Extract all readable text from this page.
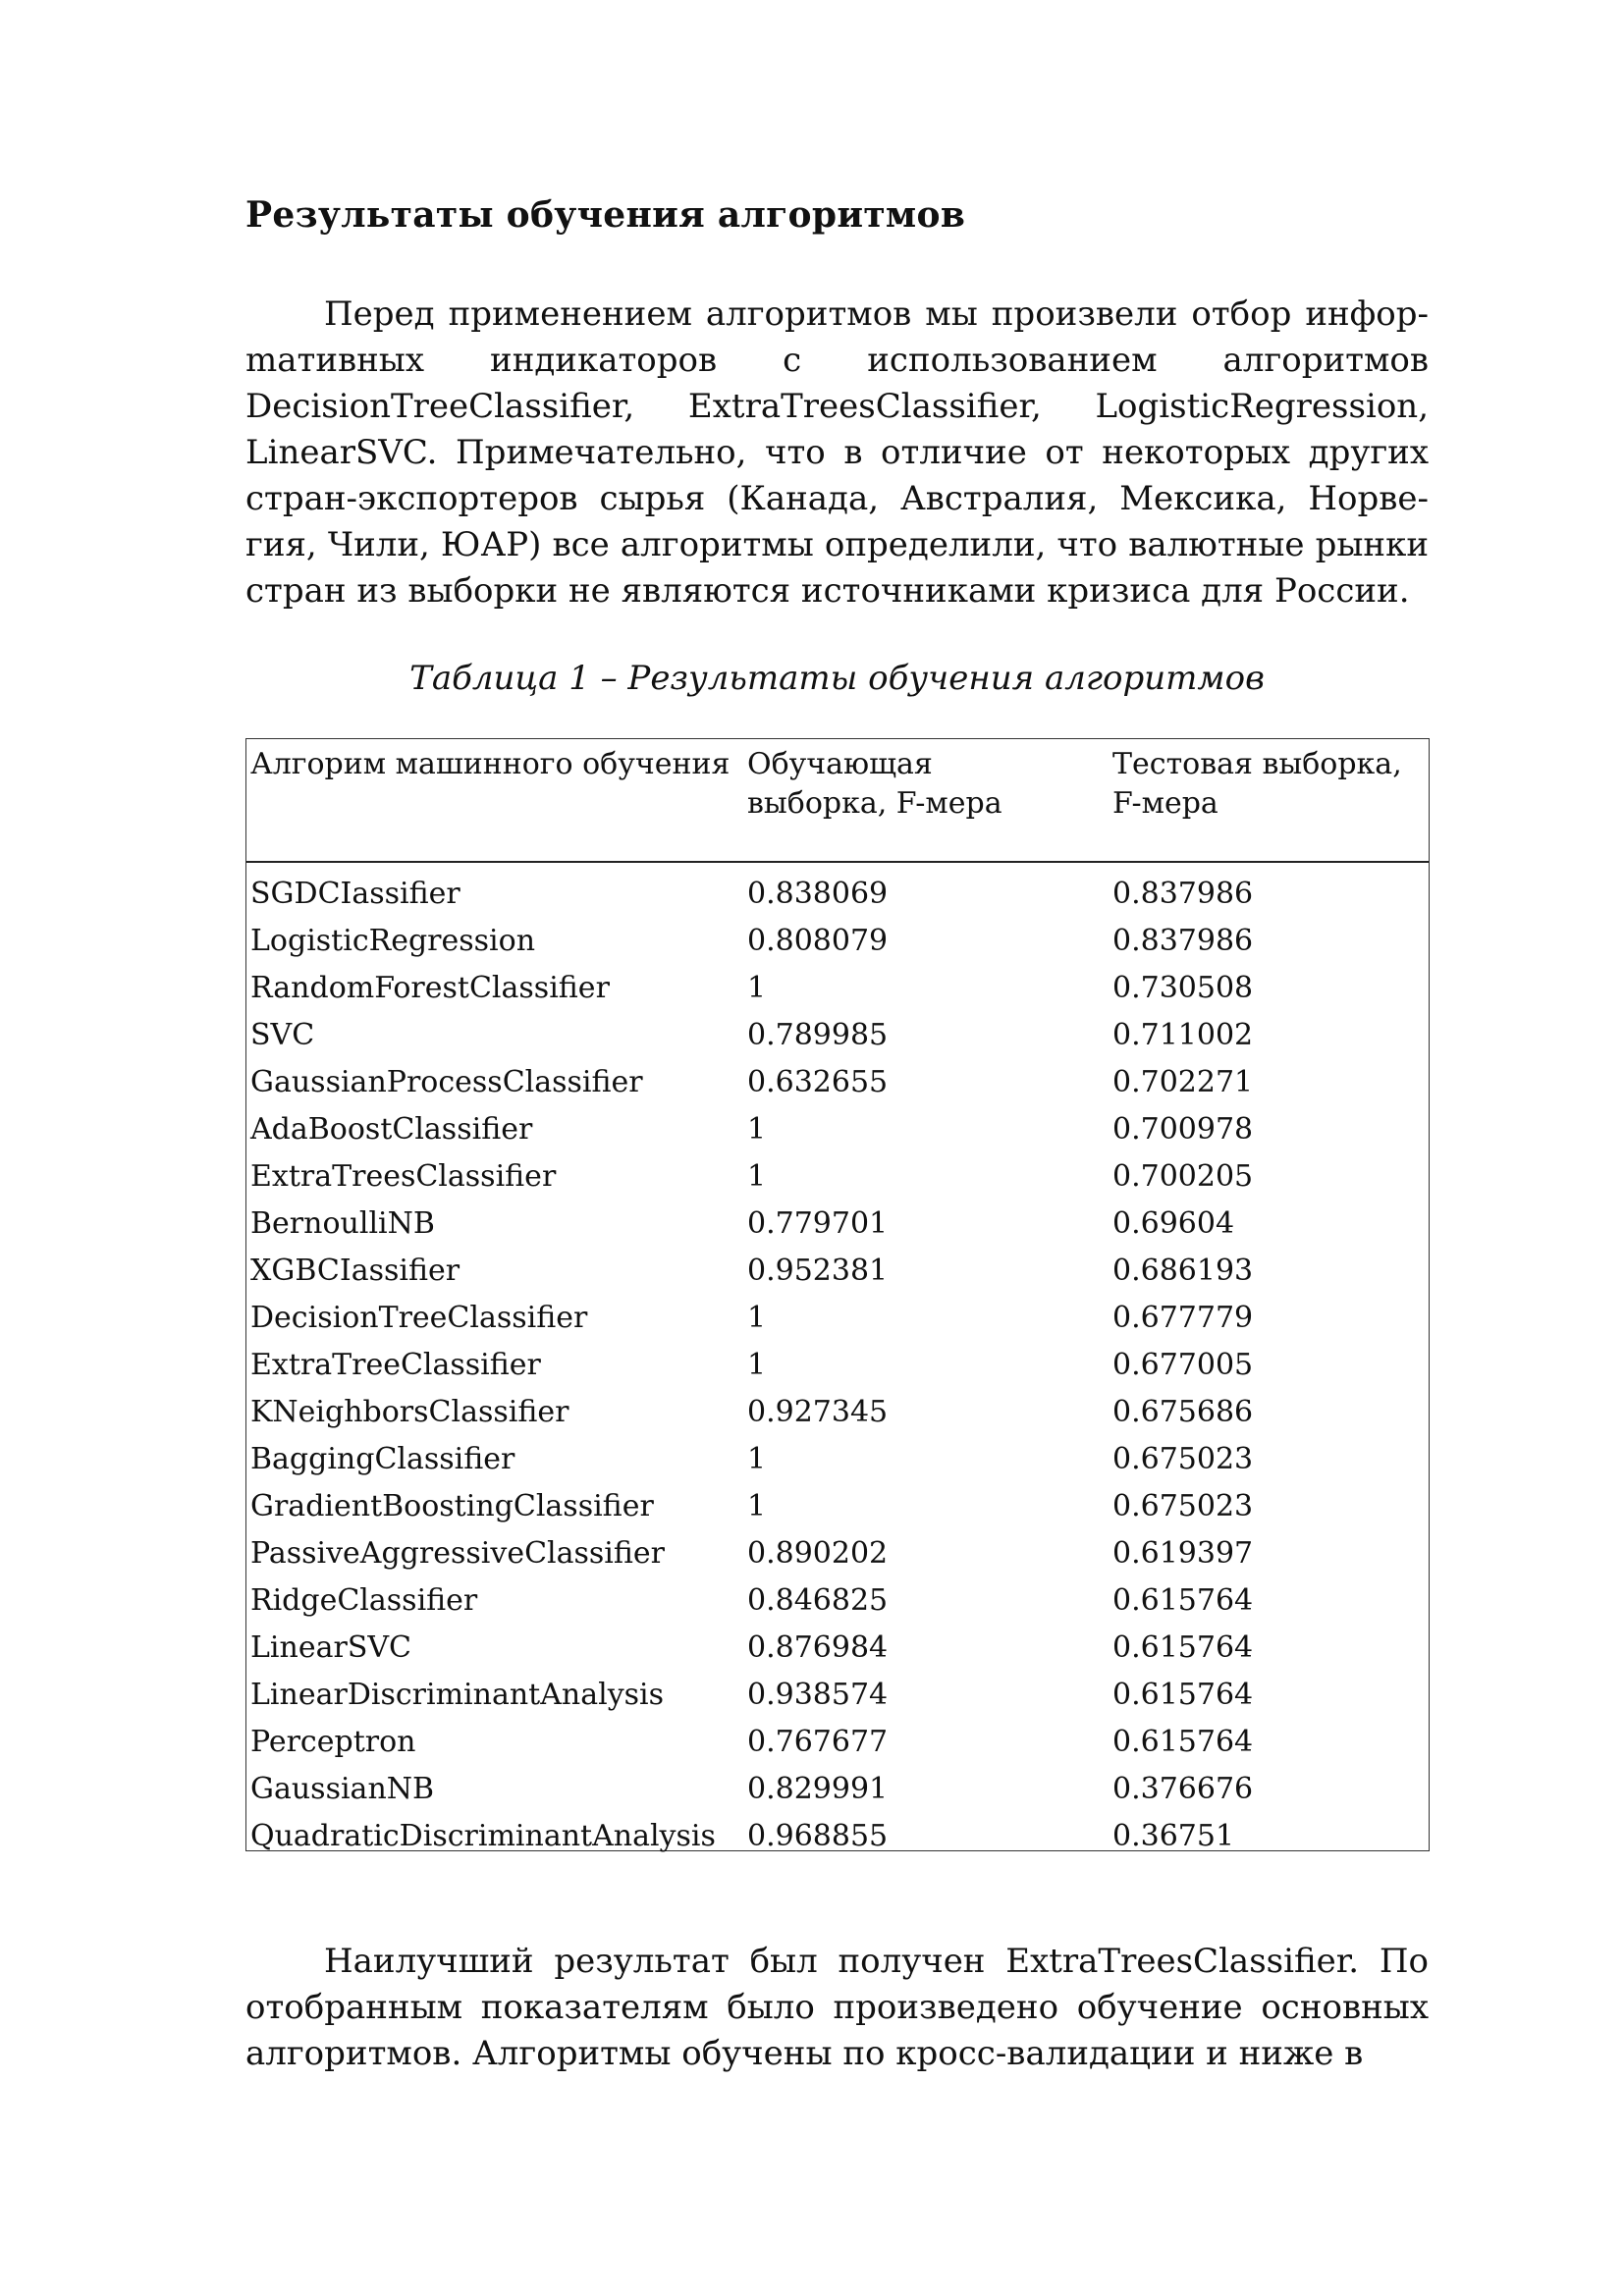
Результаты обучения алгоритмов
Перед применением алгоритмов мы произвели отбор инфорmативных индикаторов с использованием алгоритмов DecisionTreeClassifier, ExtraTreesClassifier, LogisticRegression, LinearSVC. Примечательно, что в отличие от некоторых других стран-экспортеров сырья (Канада, Австралия, Мексика, Норвегия, Чили, ЮАР) все алгоритмы определили, что валютные рынки стран из выборки не являются источниками кризиса для России.
Таблица 1 – Результаты обучения алгоритмов
Алгорим машинного обучения	Обучающая выборка, F-мера	Тестовая выборка, F-мера

SGDCIassifier	0.838069	0.837986
LogisticRegression	0.808079	0.837986
RandomForestClassifier	1	0.730508
SVC	0.789985	0.711002
GaussianProcessClassifier	0.632655	0.702271
AdaBoostClassifier	1	0.700978
ExtraTreesClassifier	1	0.700205
BernoulliNB	0.779701	0.69604
XGBCIassifier	0.952381	0.686193
DecisionTreeClassifier	1	0.677779
ExtraTreeClassifier	1	0.677005
KNeighborsClassifier	0.927345	0.675686
BaggingClassifier	1	0.675023
GradientBoostingClassifier	1	0.675023
PassiveAggressiveClassifier	0.890202	0.619397
RidgeClassifier	0.846825	0.615764
LinearSVC	0.876984	0.615764
LinearDiscriminantAnalysis	0.938574	0.615764
Perceptron	0.767677	0.615764
GaussianNB	0.829991	0.376676
QuadraticDiscriminantAnalysis	0.968855	0.36751
Наилучший результат был получен ExtraTreesClassifier. По отобранным показателям было произведено обучение основных алгоритмов. Алгоритмы обучены по кросс-валидации и ниже в
